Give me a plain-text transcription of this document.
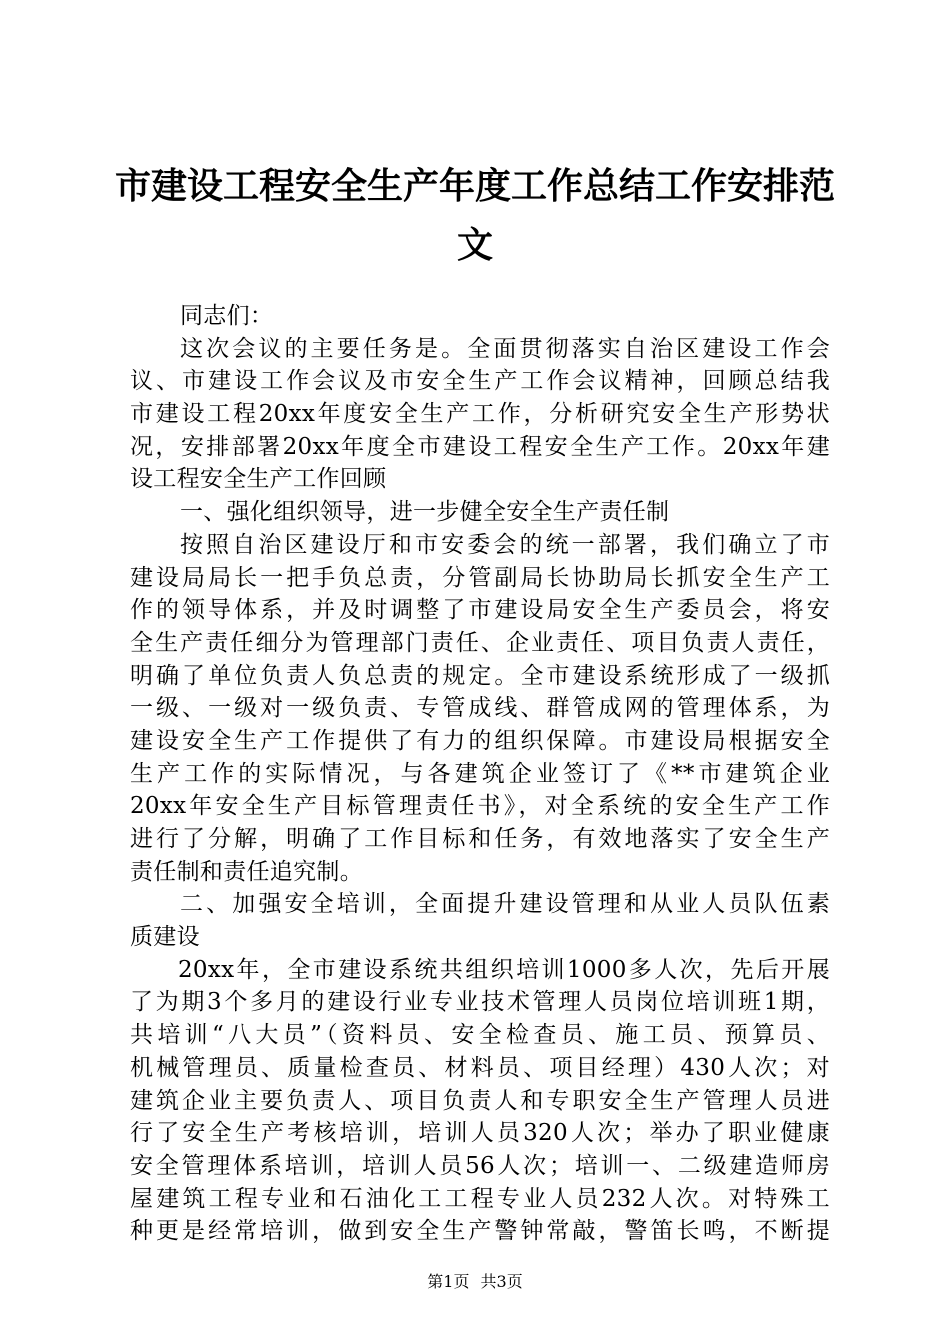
市建设工程安全生产年度工作总结工作安排范
文
同志们：
这次会议的主要任务是。全面贯彻落实自治区建设工作会
议、市建设工作会议及市安全生产工作会议精神，回顾总结我
市建设工程20xx年度安全生产工作，分析研究安全生产形势状
况，安排部署20xx年度全市建设工程安全生产工作。20xx年建
设工程安全生产工作回顾
一、强化组织领导，进一步健全安全生产责任制
按照自治区建设厅和市安委会的统一部署，我们确立了市
建设局局长一把手负总责，分管副局长协助局长抓安全生产工
作的领导体系，并及时调整了市建设局安全生产委员会，将安
全生产责任细分为管理部门责任、企业责任、项目负责人责任，
明确了单位负责人负总责的规定。全市建设系统形成了一级抓
一级、一级对一级负责、专管成线、群管成网的管理体系，为
建设安全生产工作提供了有力的组织保障。市建设局根据安全
生产工作的实际情况，与各建筑企业签订了《**市建筑企业
20xx年安全生产目标管理责任书》，对全系统的安全生产工作
进行了分解，明确了工作目标和任务，有效地落实了安全生产
责任制和责任追究制。
二、加强安全培训，全面提升建设管理和从业人员队伍素
质建设
20xx年，全市建设系统共组织培训1000多人次，先后开展
了为期3个多月的建设行业专业技术管理人员岗位培训班1期，
共培训“八大员”（资料员、安全检查员、施工员、预算员、
机械管理员、质量检查员、材料员、项目经理）430人次；对
建筑企业主要负责人、项目负责人和专职安全生产管理人员进
行了安全生产考核培训，培训人员320人次；举办了职业健康
安全管理体系培训，培训人员56人次；培训一、二级建造师房
屋建筑工程专业和石油化工工程专业人员232人次。对特殊工
种更是经常培训，做到安全生产警钟常敲，警笛长鸣，不断提
第1页 共3页
